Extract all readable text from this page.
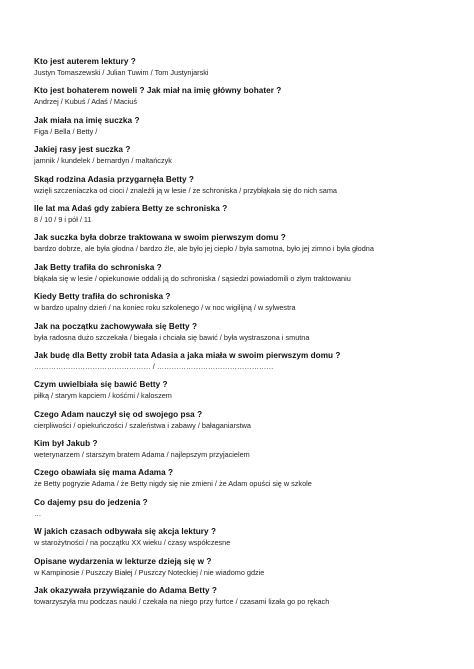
Kto jest auterem lektury ?
Justyn Tomaszewski / Julian Tuwim / Tom Justynjarski
Kto jest bohaterem noweli ? Jak miał na imię główny bohater ?
Andrzej / Kubuś / Adaś / Maciuś
Jak miała na imię suczka ?
Figa / Bella / Betty /
Jakiej rasy jest suczka ?
jamnik / kundelek / bernardyn / maltańczyk
Skąd rodzina Adasia przygarnęła Betty ?
wzięli szczeniaczka od cioci / znaleźli ją w lesie / ze schroniska / przybłąkała się do nich sama
Ile lat ma Adaś gdy zabiera Betty ze schroniska ?
8 / 10 / 9 i pół / 11
Jak suczka była dobrze traktowana w swoim pierwszym domu ?
bardzo dobrze, ale była głodna / bardzo źle, ale było jej ciepło / była samotna, było jej zimno i była głodna
Jak Betty trafiła do schroniska ?
błąkała się w lesie / opiekunowie oddali ją do schroniska / sąsiedzi powiadomili o złym traktowaniu
Kiedy Betty trafiła do schroniska ?
w bardzo upalny dzień / na koniec roku szkolenego / w noc wigilijną / w sylwestra
Jak na początku zachowywała się Betty ?
była radosna dużo szczekała / biegała i chciała się bawić / była wystraszona i smutna
Jak budę dla Betty zrobił tata Adasia a jaka miała w swoim pierwszym domu ?
………………………………………… / …………………………………………
Czym uwielbiała się bawić Betty ?
piłką / starym kapciem / kośćmi / kaloszem
Czego Adam nauczył się od swojego psa ?
cierpliwości / opiekuńczości / szaleństwa i zabawy / bałaganiarstwa
Kim był Jakub ?
weterynarzem / starszym bratem Adama / najlepszym przyjacielem
Czego obawiała się mama Adama ?
że Betty pogryzie Adama / że Betty nigdy się nie zmieni / że Adam opuści się w szkole
Co dajemy psu do jedzenia ?
…
W jakich czasach odbywała się akcja lektury ?
w starożytności / na początku XX wieku / czasy współczesne
Opisane wydarzenia w lekturze dzieją się w ?
w Kampinosie / Puszczy Białej / Puszczy Noteckiej / nie wiadomo gdzie
Jak okazywała przywiązanie do Adama Betty ?
towarzyszyła mu podczas nauki / czekała na niego przy furtce / czasami lizała go po rękach
